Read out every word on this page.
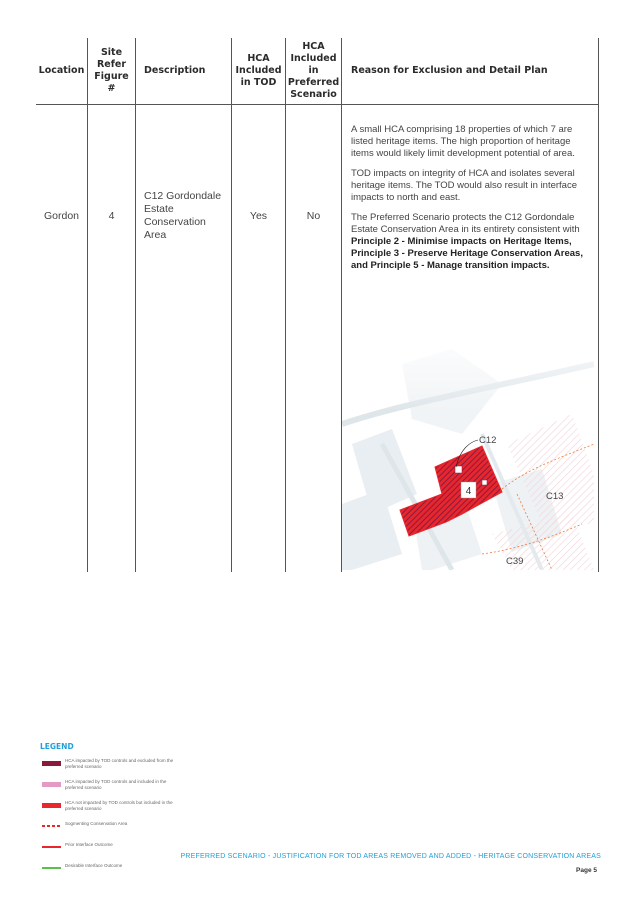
Location
Site Refer Figure #
Description
HCA Included in TOD
HCA Included in Preferred Scenario
Reason for Exclusion and Detail Plan
Gordon	4
C12 Gordondale Estate Conservation Area
Yes	No

A small HCA comprising 18 properties of which 7 are listed heritage items. The high proportion of heritage items would likely limit development potential of area.

TOD impacts on integrity of HCA and isolates several heritage items. The TOD would also result in interface impacts to north and east.

The Preferred Scenario protects the C12 Gordondale Estate Conservation Area in its entirety consistent with

Principle 2 - Minimise impacts on Heritage Items, Principle 3 - Preserve Heritage Conservation Areas, and Principle 5 - Manage transition impacts.

4
C12
C13
C39
LEGEND
HCA impacted by TOD controls and excluded from the preferred scenario
HCA impacted by TOD controls and included in the preferred scenario
HCA not impacted by TOD controls but included in the preferred scenario
Sogmenting Conservation Area
Prior Interface Outcome
Desirable Interface Outcome
PREFERRED SCENARIO - JUSTIFICATION FOR TOD AREAS REMOVED AND ADDED - HERITAGE CONSERVATION AREAS
Page 5
